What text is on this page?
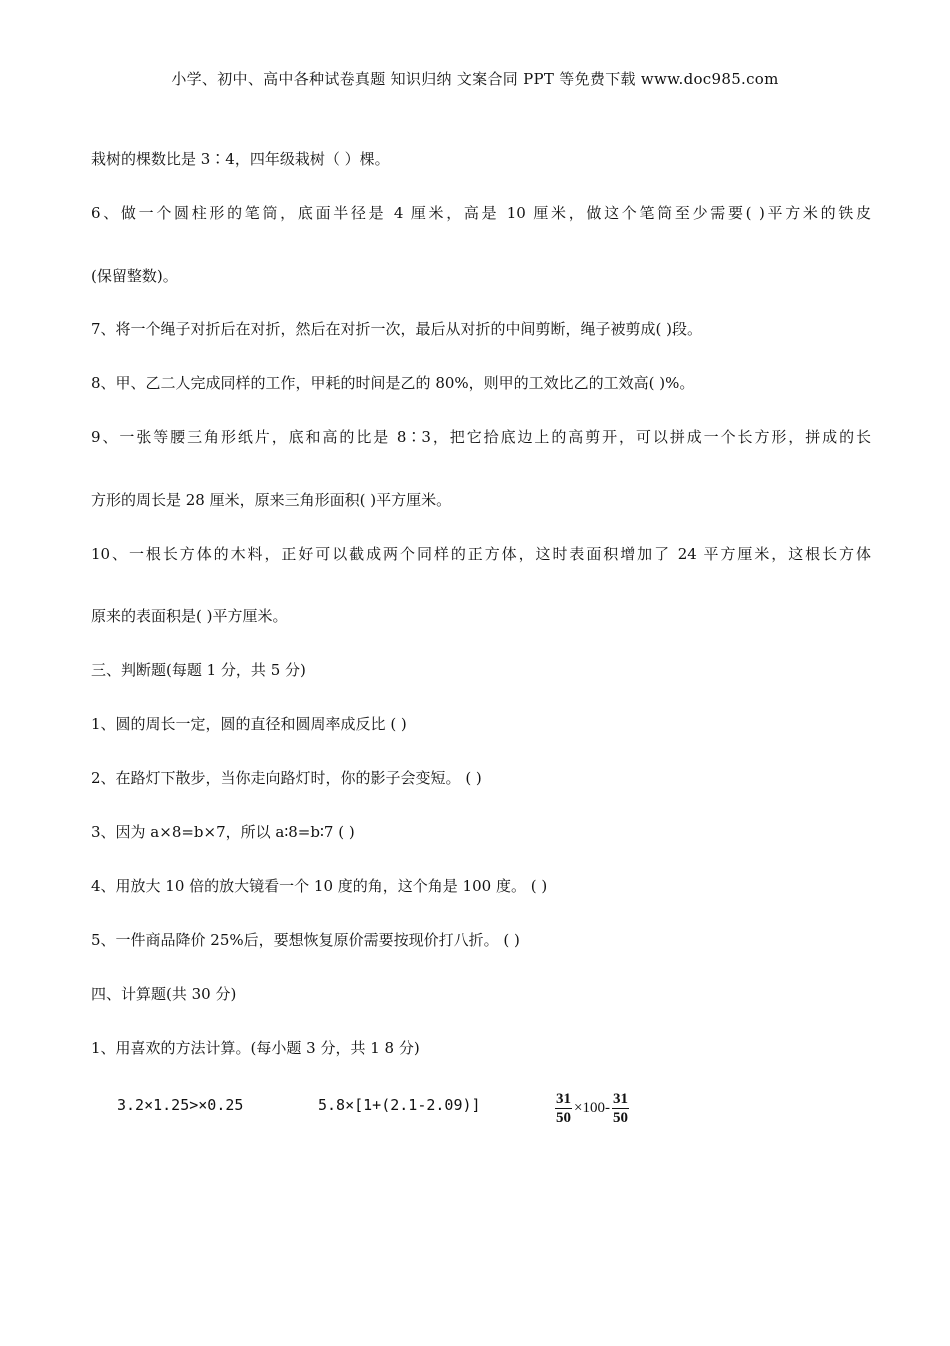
小学、初中、高中各种试卷真题 知识归纳 文案合同 PPT 等免费下载 www.doc985.com
栽树的棵数比是 3∶4，四年级栽树（ ）棵。
6、做一个圆柱形的笔筒，底面半径是 4 厘米，高是 10 厘米，做这个笔筒至少需要( )平方米的铁皮
(保留整数)。
7、将一个绳子对折后在对折，然后在对折一次，最后从对折的中间剪断，绳子被剪成( )段。
8、甲、乙二人完成同样的工作，甲耗的时间是乙的 80%，则甲的工效比乙的工效高( )%。
9、一张等腰三角形纸片，底和高的比是 8∶3，把它拾底边上的高剪开，可以拼成一个长方形，拼成的长
方形的周长是 28 厘米，原来三角形面积( )平方厘米。
10、一根长方体的木料，正好可以截成两个同样的正方体，这时表面积增加了 24 平方厘米，这根长方体
原来的表面积是( )平方厘米。
三、判断题(每题 1 分，共 5 分)
1、圆的周长一定，圆的直径和圆周率成反比 ( )
2、在路灯下散步，当你走向路灯时，你的影子会变短。 ( )
3、因为 a×8=b×7，所以 a∶8=b∶7 ( )
4、用放大 10 倍的放大镜看一个 10 度的角，这个角是 100 度。 ( )
5、一件商品降价 25%后，要想恢复原价需要按现价打八折。 ( )
四、计算题(共 30 分)
1、用喜欢的方法计算。(每小题 3 分，共 1 8 分)
3.2×1.25>×0.25	5.8×[1+(2.1-2.09)]	$\frac{31}{50} \times 100- \frac{31}{50}$
